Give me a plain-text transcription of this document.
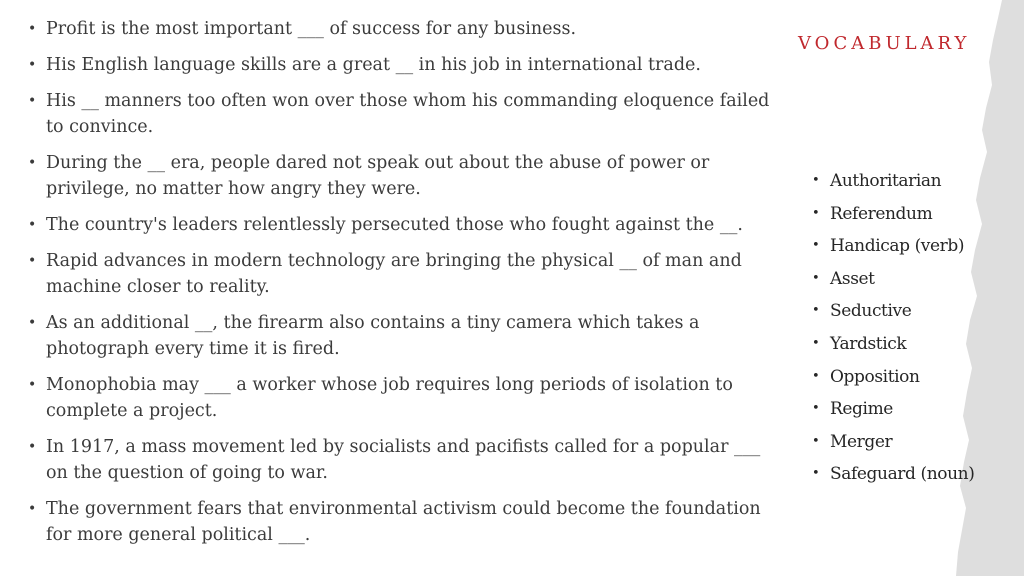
• Profit is the most important ___ of success for any business.
• His English language skills are a great __ in his job in international trade.
• His __ manners too often won over those whom his commanding eloquence failed to convince.
• During the __ era, people dared not speak out about the abuse of power or privilege, no matter how angry they were.
• The country's leaders relentlessly persecuted those who fought against the __.
• Rapid advances in modern technology are bringing the physical __ of man and machine closer to reality.
• As an additional __, the firearm also contains a tiny camera which takes a photograph every time it is fired.
• Monophobia may ___ a worker whose job requires long periods of isolation to complete a project.
• In 1917, a mass movement led by socialists and pacifists called for a popular ___ on the question of going to war.
• The government fears that environmental activism could become the foundation for more general political ___.
VOCABULARY
• Authoritarian
• Referendum
• Handicap (verb)
• Asset
• Seductive
• Yardstick
• Opposition
• Regime
• Merger
• Safeguard (noun)
